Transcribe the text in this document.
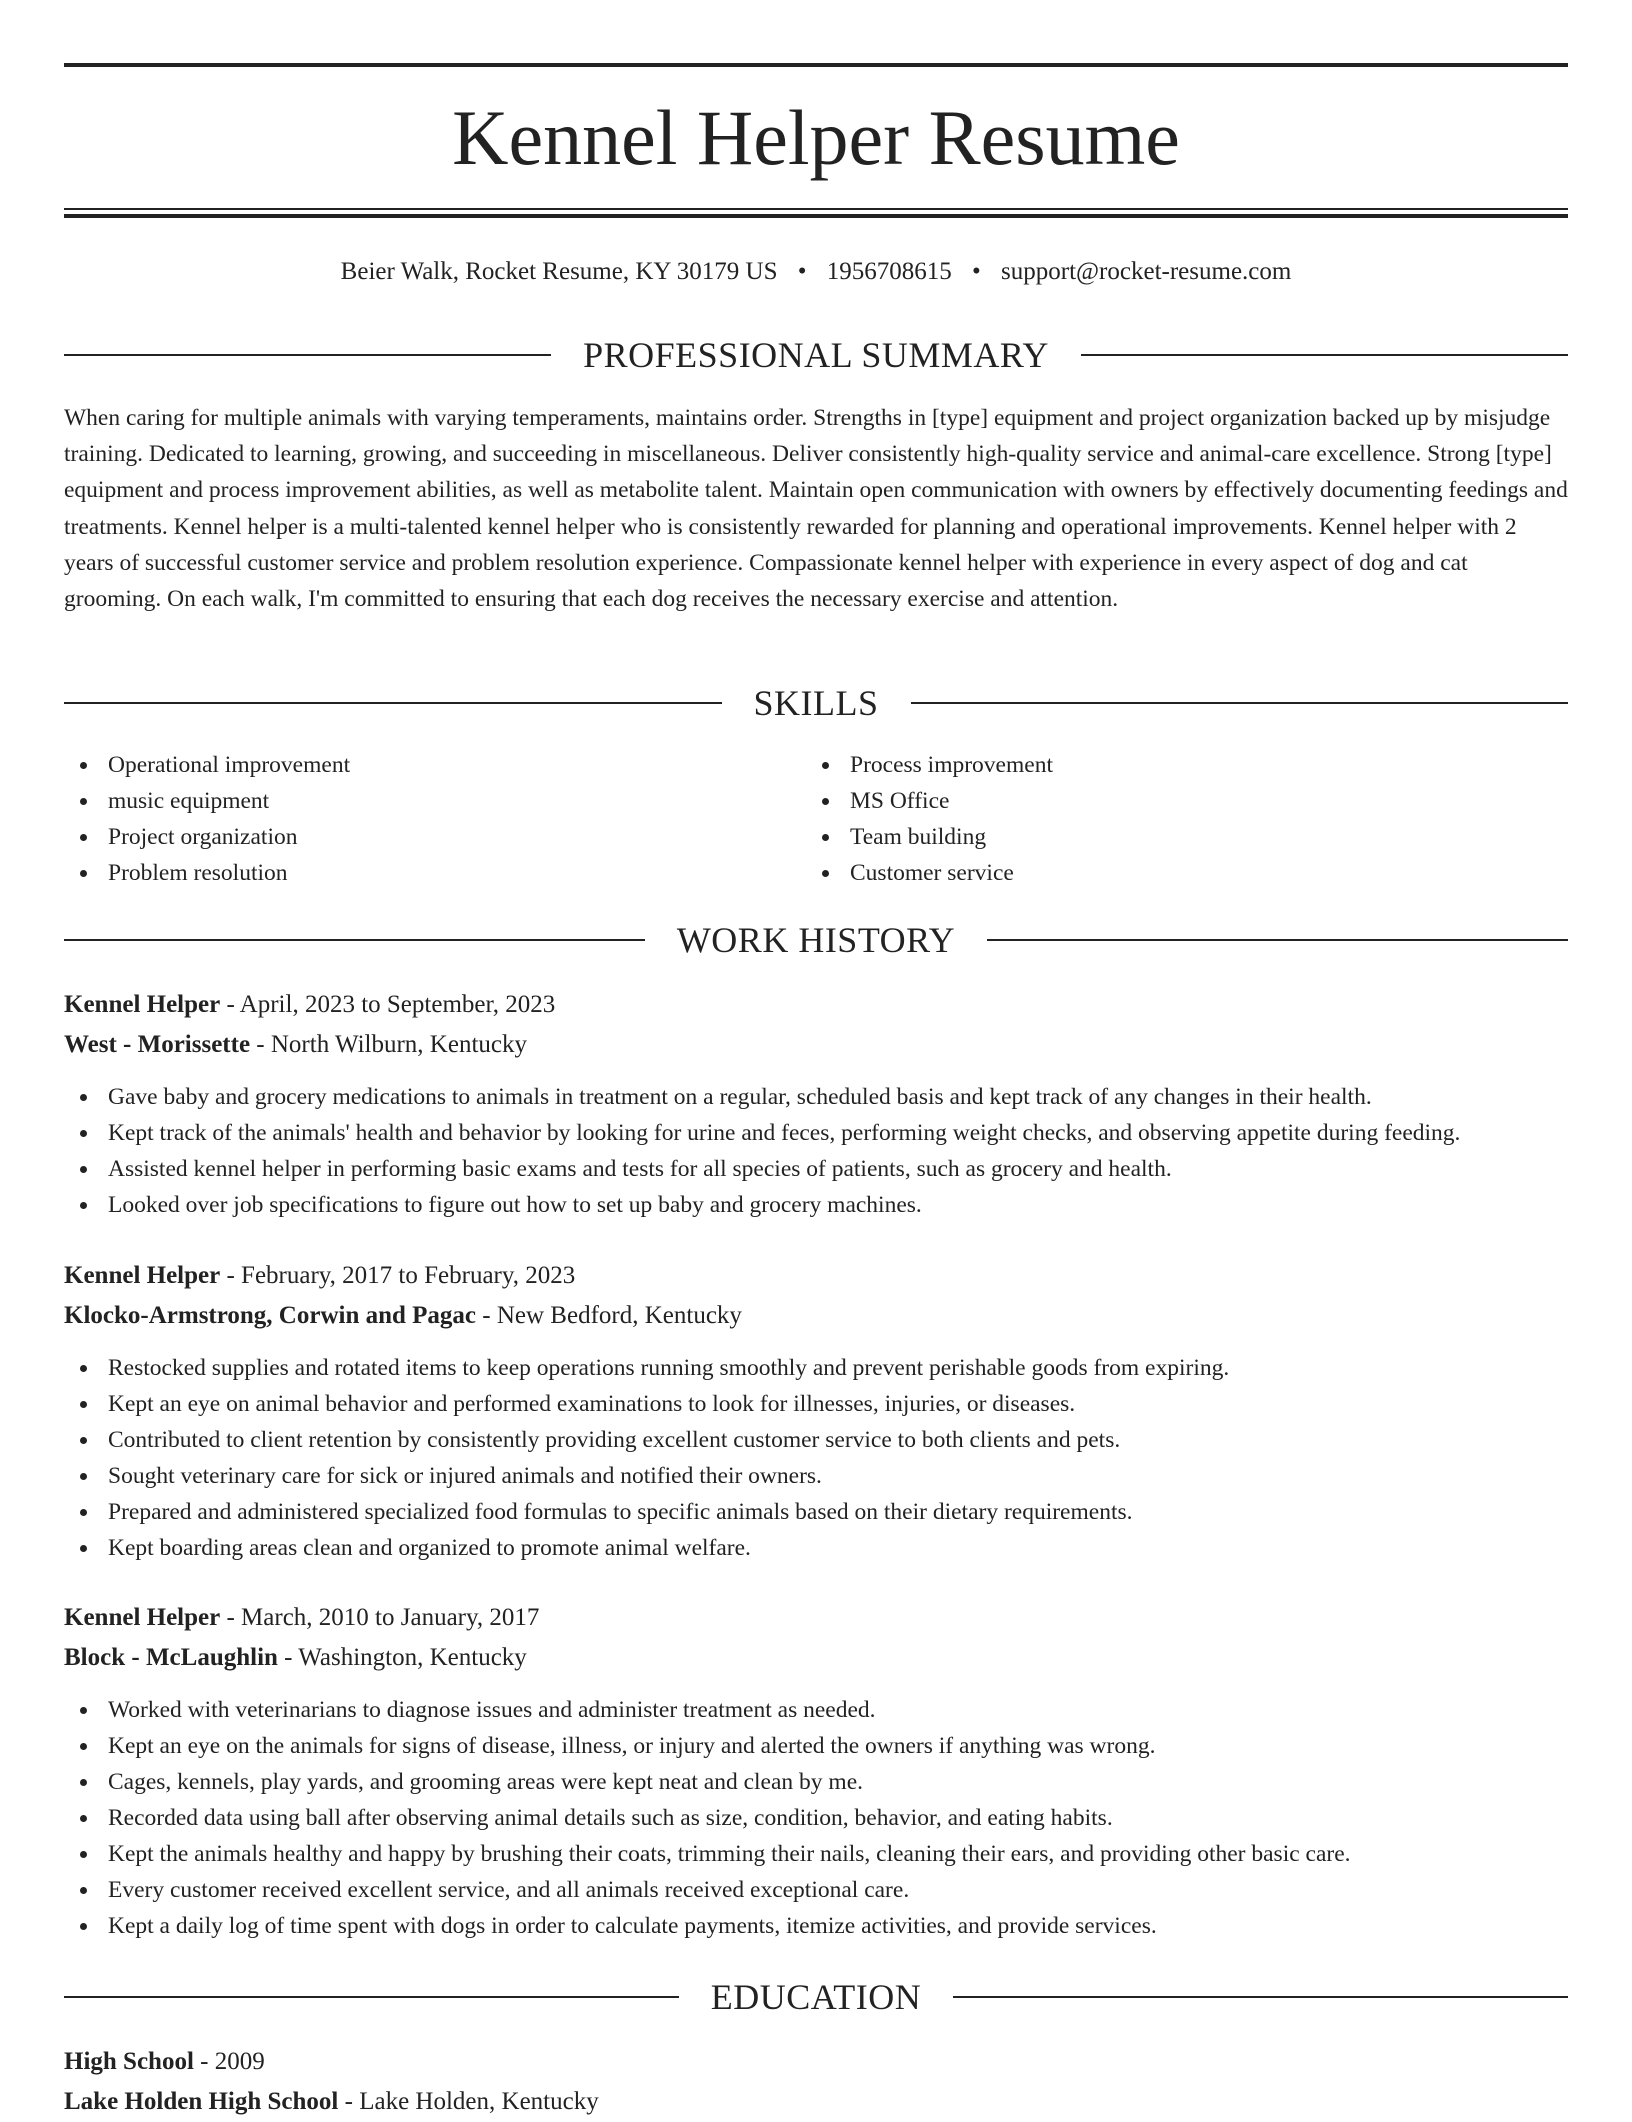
Kennel Helper Resume
Beier Walk, Rocket Resume, KY 30179 US • 1956708615 • support@rocket-resume.com
PROFESSIONAL SUMMARY

When caring for multiple animals with varying temperaments, maintains order. Strengths in [type] equipment and project organization backed up by misjudge training. Dedicated to learning, growing, and succeeding in miscellaneous. Deliver consistently high-quality service and animal-care excellence. Strong [type] equipment and process improvement abilities, as well as metabolite talent. Maintain open communication with owners by effectively documenting feedings and treatments. Kennel helper is a multi-talented kennel helper who is consistently rewarded for planning and operational improvements. Kennel helper with 2 years of successful customer service and problem resolution experience. Compassionate kennel helper with experience in every aspect of dog and cat grooming. On each walk, I'm committed to ensuring that each dog receives the necessary exercise and attention.

SKILLS
Operational improvement
music equipment
Project organization
Problem resolution
Process improvement
MS Office
Team building
Customer service
WORK HISTORY
Kennel Helper - April, 2023 to September, 2023
West - Morissette - North Wilburn, Kentucky
Gave baby and grocery medications to animals in treatment on a regular, scheduled basis and kept track of any changes in their health.
Kept track of the animals' health and behavior by looking for urine and feces, performing weight checks, and observing appetite during feeding.
Assisted kennel helper in performing basic exams and tests for all species of patients, such as grocery and health.
Looked over job specifications to figure out how to set up baby and grocery machines.
Kennel Helper - February, 2017 to February, 2023
Klocko-Armstrong, Corwin and Pagac - New Bedford, Kentucky
Restocked supplies and rotated items to keep operations running smoothly and prevent perishable goods from expiring.
Kept an eye on animal behavior and performed examinations to look for illnesses, injuries, or diseases.
Contributed to client retention by consistently providing excellent customer service to both clients and pets.
Sought veterinary care for sick or injured animals and notified their owners.
Prepared and administered specialized food formulas to specific animals based on their dietary requirements.
Kept boarding areas clean and organized to promote animal welfare.
Kennel Helper - March, 2010 to January, 2017
Block - McLaughlin - Washington, Kentucky
Worked with veterinarians to diagnose issues and administer treatment as needed.
Kept an eye on the animals for signs of disease, illness, or injury and alerted the owners if anything was wrong.
Cages, kennels, play yards, and grooming areas were kept neat and clean by me.
Recorded data using ball after observing animal details such as size, condition, behavior, and eating habits.
Kept the animals healthy and happy by brushing their coats, trimming their nails, cleaning their ears, and providing other basic care.
Every customer received excellent service, and all animals received exceptional care.
Kept a daily log of time spent with dogs in order to calculate payments, itemize activities, and provide services.
EDUCATION
High School - 2009
Lake Holden High School - Lake Holden, Kentucky
